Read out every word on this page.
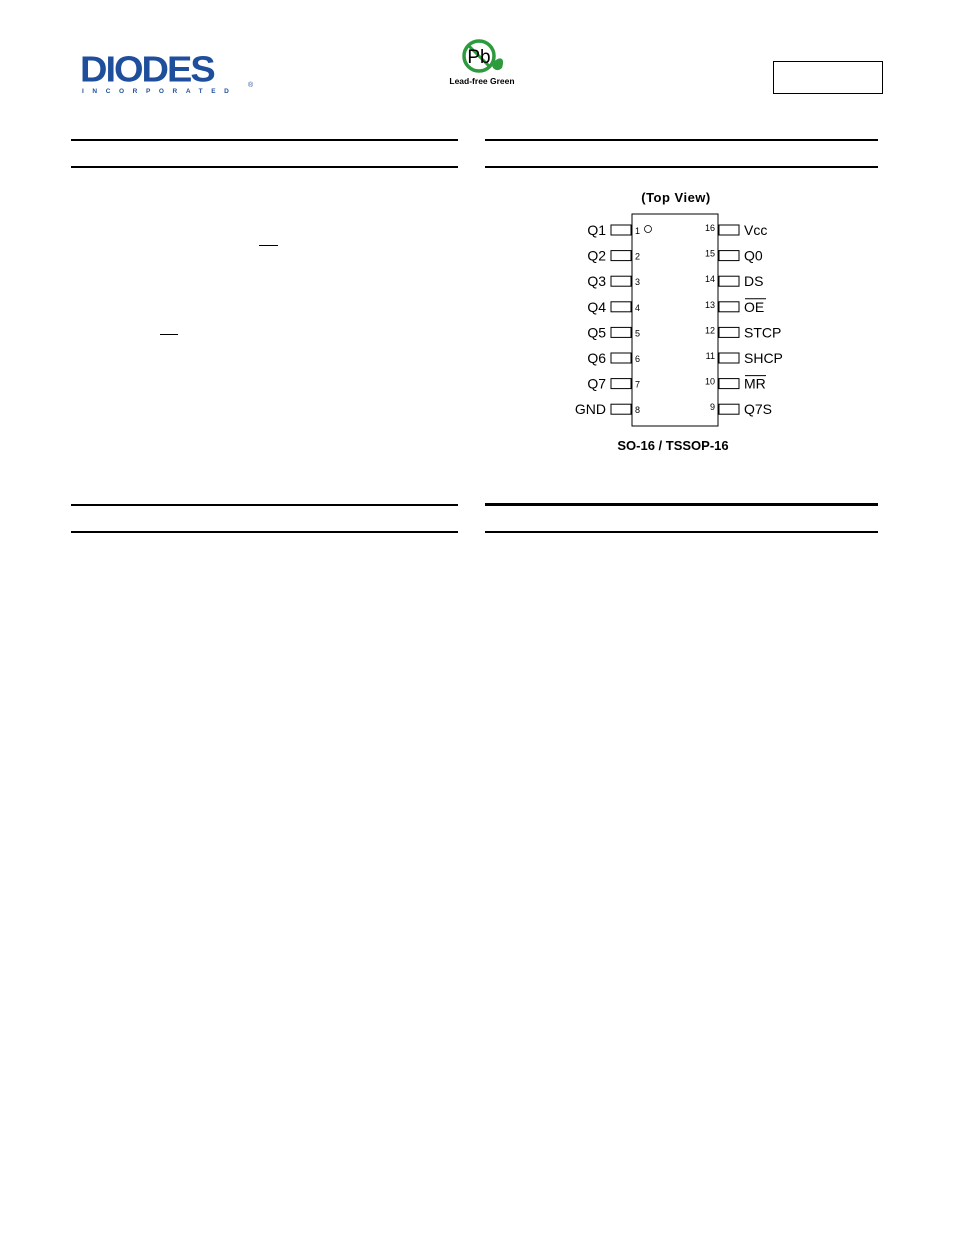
DIODES
INCORPORATED
®
Pb
Lead-free Green
(Top View)
Q1	1
Q2	2
Q3	3
Q4	4
Q5	5
Q6	6
Q7	7
GND	8
Vcc
16
Q0
15
DS
14
OE
13
STCP
12
SHCP
11
MR
10
Q7S
9
SO-16 / TSSOP-16
